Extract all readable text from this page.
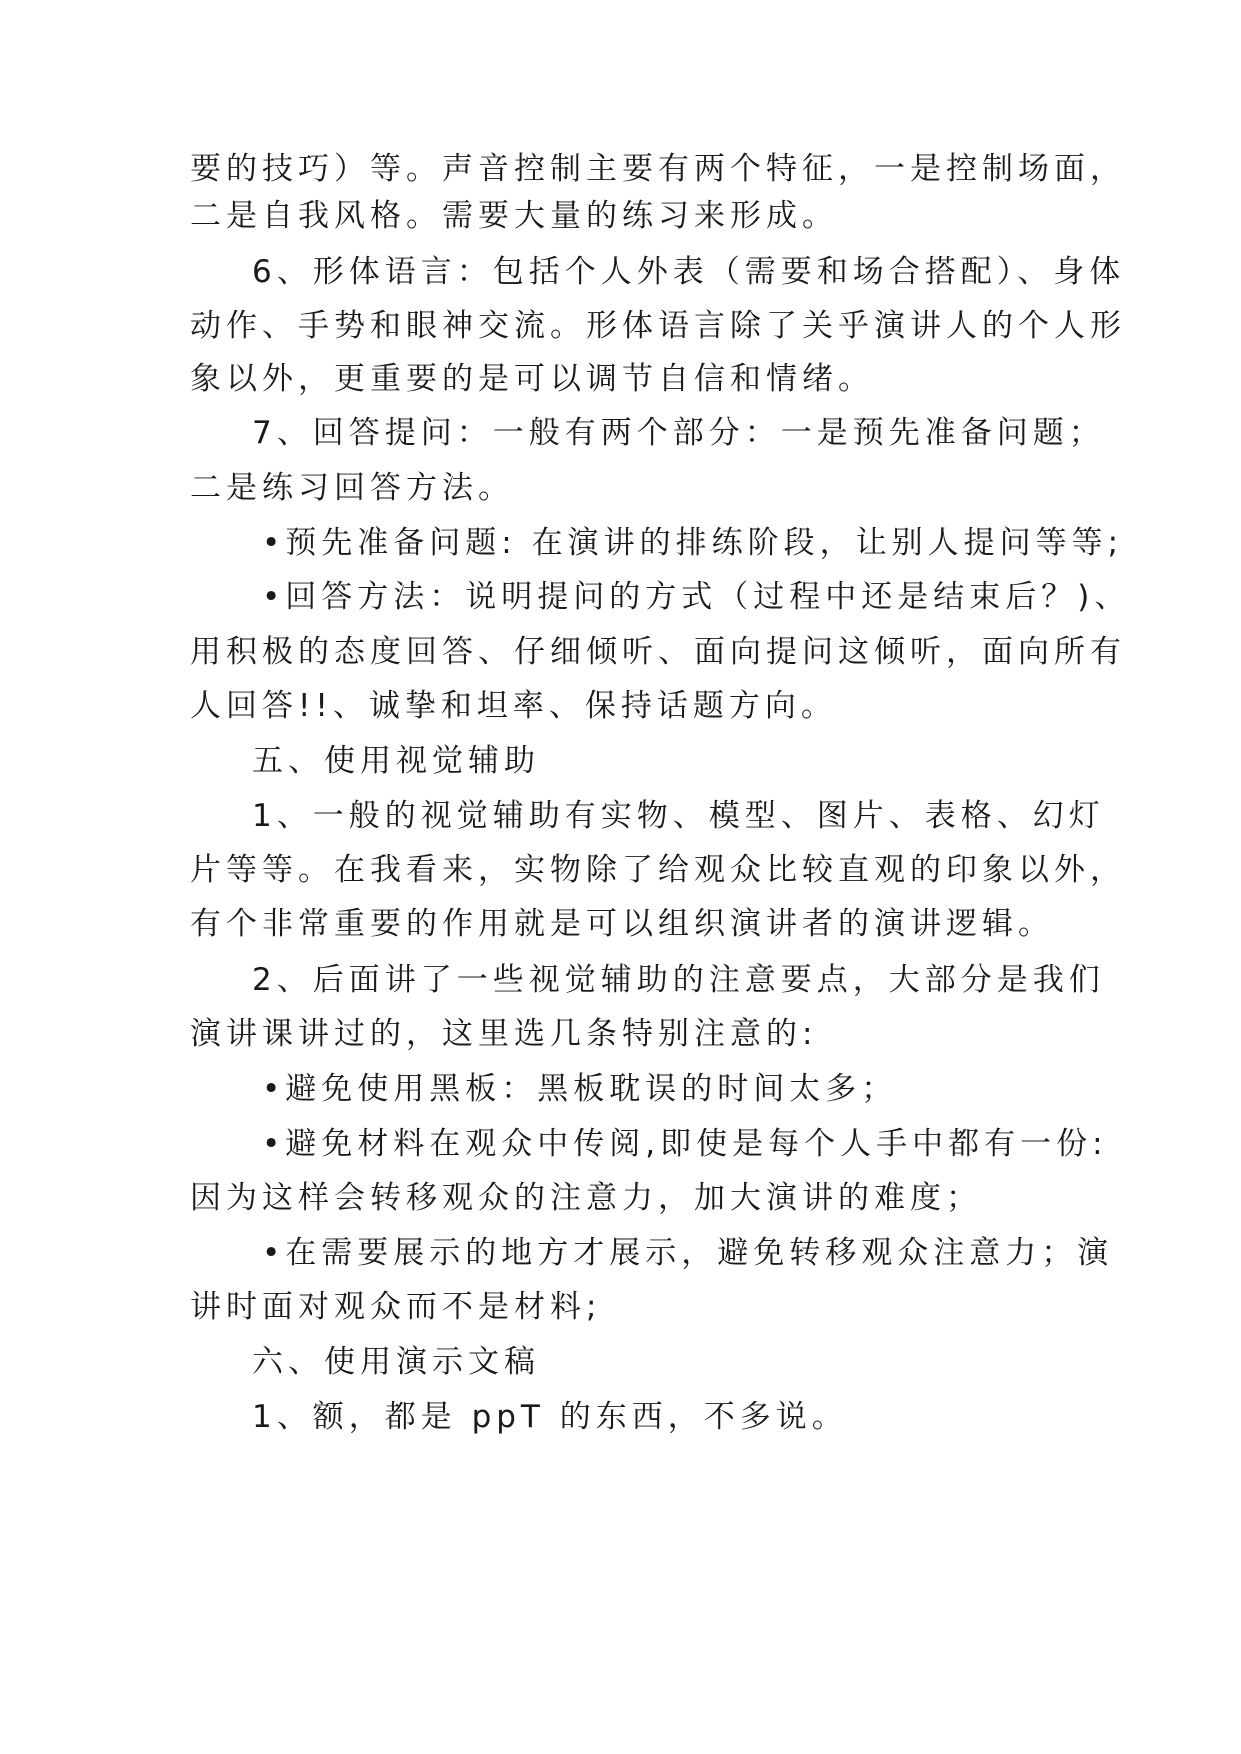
要的技巧）等。声音控制主要有两个特征，一是控制场面，
二是自我风格。需要大量的练习来形成。
6、形体语言：包括个人外表（需要和场合搭配）、身体
动作、手势和眼神交流。形体语言除了关乎演讲人的个人形
象以外，更重要的是可以调节自信和情绪。
7、回答提问：一般有两个部分：一是预先准备问题；
二是练习回答方法。
•预先准备问题: 在演讲的排练阶段，让别人提问等等;
•回答方法：说明提问的方式（过程中还是结束后？)、
用积极的态度回答、仔细倾听、面向提问这倾听，面向所有
人回答!!、诚挚和坦率、保持话题方向。
五、使用视觉辅助
1、一般的视觉辅助有实物、模型、图片、表格、幻灯
片等等。在我看来，实物除了给观众比较直观的印象以外，
有个非常重要的作用就是可以组织演讲者的演讲逻辑。
2、后面讲了一些视觉辅助的注意要点，大部分是我们
演讲课讲过的，这里选几条特别注意的:
•避免使用黑板：黑板耽误的时间太多；
•避免材料在观众中传阅,即使是每个人手中都有一份:
因为这样会转移观众的注意力，加大演讲的难度；
•在需要展示的地方才展示，避免转移观众注意力；演
讲时面对观众而不是材料;
六、使用演示文稿
1、额，都是 ppT 的东西，不多说。
